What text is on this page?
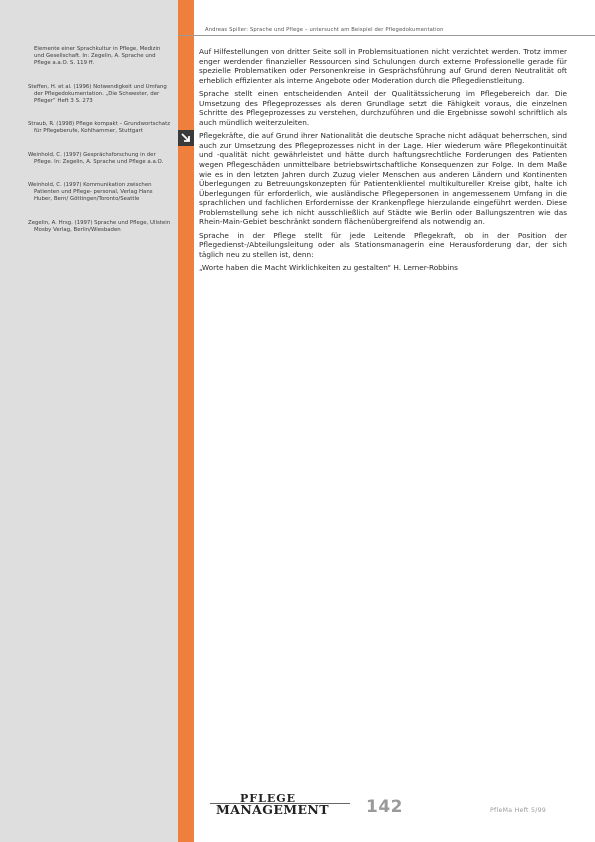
Andreas Spiller: Sprache und Pflege – untersucht am Beispiel der Pflegedokumentation
Elemente einer Sprachkultur in Pflege, Medizin und Gesellschaft. In: Zegelin, A. Sprache und Pflege a.a.O. S. 119 ff.
Steffen, H. et al. (1996) Notwendigkeit und Umfang der Pflegedokumentation. „Die Schwester, der Pfleger“ Heft 3 S. 273
Straub, R. (1998) Pflege kompakt – Grundwortschatz für Pflegeberufe, Kohlhammer, Stuttgart
Weinhold, C. (1997) Gesprächsforschung in der Pflege. In: Zegelin, A. Sprache und Pflege a.a.O.
Weinhold, C. (1997) Kommunikation zwischen Patienten und Pflege- personal, Verlag Hans Huber, Bern/ Göttingen/Toronto/Seattle
Zegelin, A. Hrsg. (1997) Sprache und Pflege, Ullstein Mosby Verlag, Berlin/Wiesbaden

Auf Hilfestellungen von dritter Seite soll in Problemsituationen nicht verzichtet werden. Trotz immer enger werdender finanzieller Ressourcen sind Schulungen durch externe Professionelle gerade für spezielle Problematiken oder Personenkreise in Gesprächsführung auf Grund deren Neutralität oft erheblich effizienter als interne Angebote oder Moderation durch die Pflegedienstleitung.

Sprache stellt einen entscheidenden Anteil der Qualitätssicherung im Pflegebereich dar. Die Umsetzung des Pflegeprozesses als deren Grundlage setzt die Fähigkeit voraus, die einzelnen Schritte des Pflegeprozesses zu verstehen, durchzuführen und die Ergebnisse sowohl schriftlich als auch mündlich weiterzuleiten.

Pflegekräfte, die auf Grund ihrer Nationalität die deutsche Sprache nicht adäquat beherrschen, sind auch zur Umsetzung des Pflegeprozesses nicht in der Lage. Hier wiederum wäre Pflegekontinuität und -qualität nicht gewährleistet und hätte durch haftungsrechtliche Forderungen des Patienten wegen Pflegeschäden unmittelbare betriebswirtschaftliche Konsequenzen zur Folge. In dem Maße wie es in den letzten Jahren durch Zuzug vieler Menschen aus anderen Ländern und Kontinenten Überlegungen zu Betreuungskonzepten für Patientenklientel multikultureller Kreise gibt, halte ich Überlegungen für erforderlich, wie ausländische Pflegepersonen in angemessenem Umfang in die sprachlichen und fachlichen Erfordernisse der Krankenpflege hierzulande eingeführt werden. Diese Problemstellung sehe ich nicht ausschließlich auf Städte wie Berlin oder Ballungszentren wie das Rhein-Main-Gebiet beschränkt sondern flächenübergreifend als notwendig an.

Sprache in der Pflege stellt für jede Leitende Pflegekraft, ob in der Position der Pflegedienst-/Abteilungsleitung oder als Stationsmanagerin eine Herausforderung dar, der sich täglich neu zu stellen ist, denn:

„Worte haben die Macht Wirklichkeiten zu gestalten“ H. Lerner-Robbins

PFLEGE
MANAGEMENT 142	PfleMa Heft 5/99
